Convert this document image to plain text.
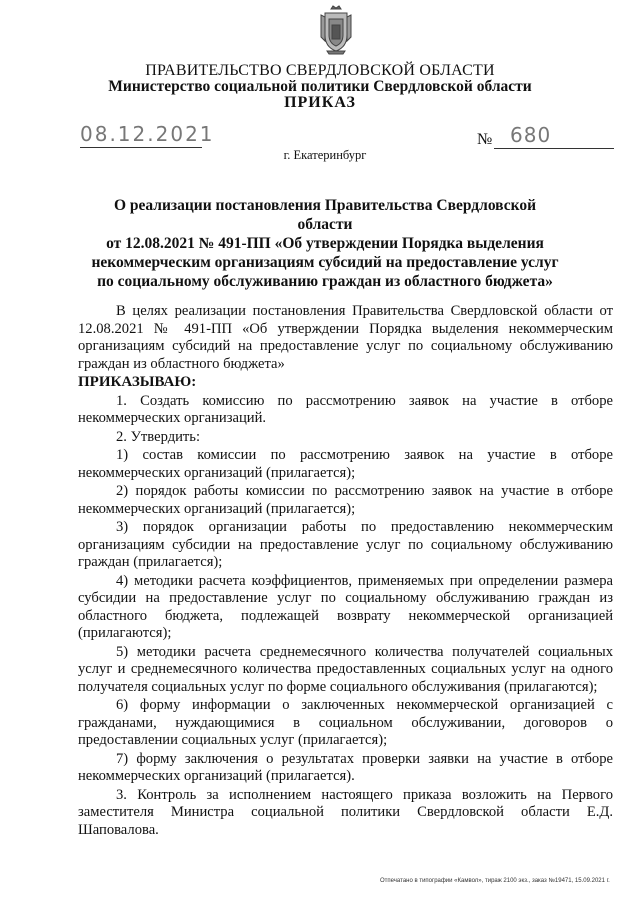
ПРАВИТЕЛЬСТВО СВЕРДЛОВСКОЙ ОБЛАСТИ
Министерство социальной политики Свердловской области
ПРИКАЗ
08.12.2021	№ 680
г. Екатеринбург
О реализации постановления Правительства Свердловской области
от 12.08.2021 № 491-ПП «Об утверждении Порядка выделения
некоммерческим организациям субсидий на предоставление услуг
по социальному обслуживанию граждан из областного бюджета»

В целях реализации постановления Правительства Свердловской области от 12.08.2021 № 491-ПП «Об утверждении Порядка выделения некоммерческим организациям субсидий на предоставление услуг по социальному обслуживанию граждан из областного бюджета»

ПРИКАЗЫВАЮ:

1. Создать комиссию по рассмотрению заявок на участие в отборе некоммерческих организаций.

2. Утвердить:

1) состав комиссии по рассмотрению заявок на участие в отборе некоммерческих организаций (прилагается);

2) порядок работы комиссии по рассмотрению заявок на участие в отборе некоммерческих организаций (прилагается);

3) порядок организации работы по предоставлению некоммерческим организациям субсидии на предоставление услуг по социальному обслуживанию граждан (прилагается);

4) методики расчета коэффициентов, применяемых при определении размера субсидии на предоставление услуг по социальному обслуживанию граждан из областного бюджета, подлежащей возврату некоммерческой организацией (прилагаются);

5) методики расчета среднемесячного количества получателей социальных услуг и среднемесячного количества предоставленных социальных услуг на одного получателя социальных услуг по форме социального обслуживания (прилагаются);

6) форму информации о заключенных некоммерческой организацией с гражданами, нуждающимися в социальном обслуживании, договоров о предоставлении социальных услуг (прилагается);

7) форму заключения о результатах проверки заявки на участие в отборе некоммерческих организаций (прилагается).

3. Контроль за исполнением настоящего приказа возложить на Первого заместителя Министра социальной политики Свердловской области Е.Д. Шаповалова.

Отпечатано в типографии «Камвол», тираж 2100 экз., заказ №19471, 15.09.2021 г.
